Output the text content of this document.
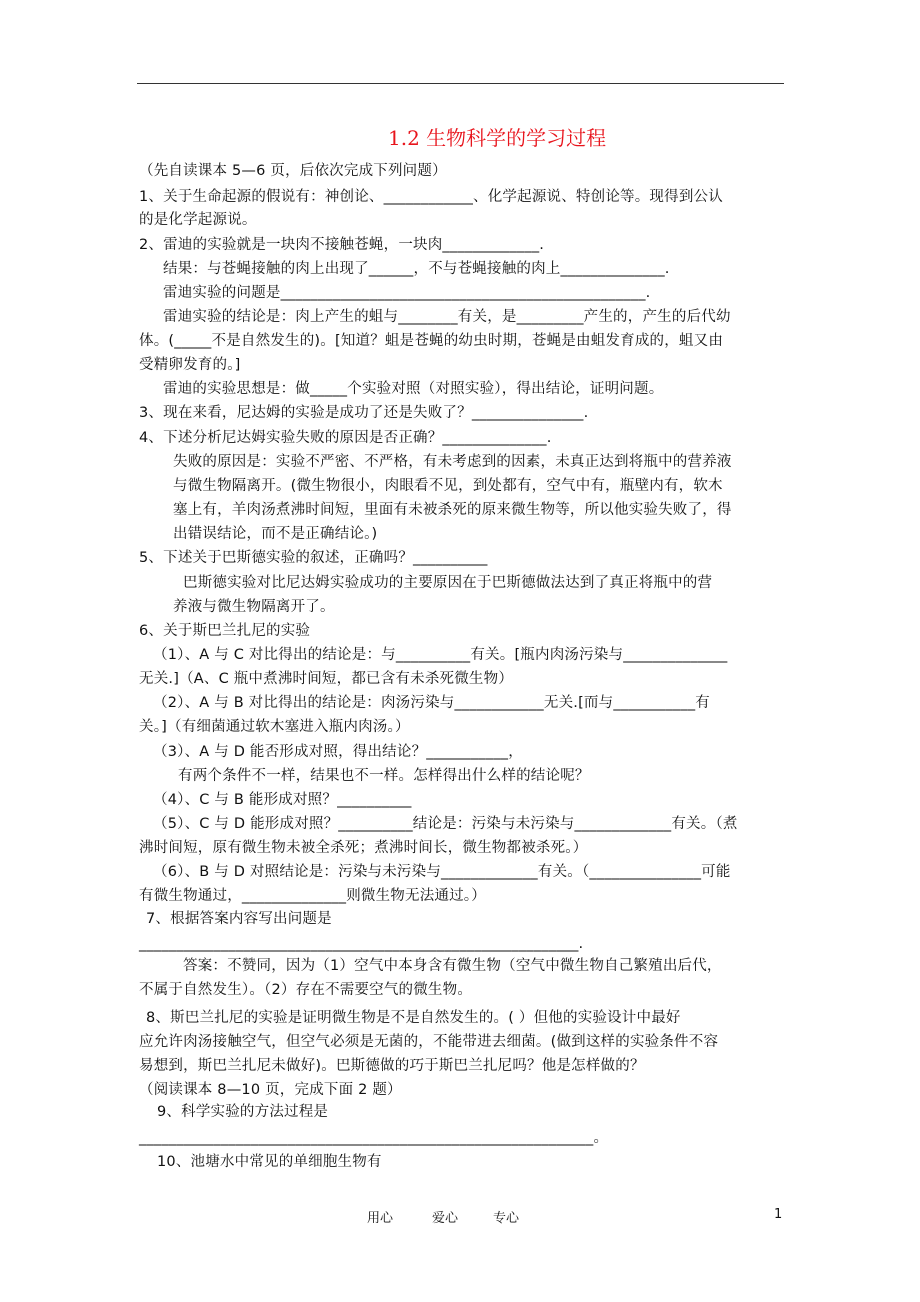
1.2 生物科学的学习过程
（先自读课本 5—6 页，后依次完成下列问题）
1、关于生命起源的假说有：神创论、____________、化学起源说、特创论等。现得到公认
的是化学起源说。
2、雷迪的实验就是一块肉不接触苍蝇，一块肉_____________.
结果：与苍蝇接触的肉上出现了______，不与苍蝇接触的肉上______________.
雷迪实验的问题是_________________________________________________.
雷迪实验的结论是：肉上产生的蛆与________有关，是_________产生的，产生的后代幼
体。(_____不是自然发生的)。[知道？蛆是苍蝇的幼虫时期，苍蝇是由蛆发育成的，蛆又由
受精卵发育的。]
雷迪的实验思想是：做_____个实验对照（对照实验），得出结论，证明问题。
3、现在来看，尼达姆的实验是成功了还是失败了？_______________.
4、下述分析尼达姆实验失败的原因是否正确？______________.
失败的原因是：实验不严密、不严格，有未考虑到的因素，未真正达到将瓶中的营养液
与微生物隔离开。(微生物很小，肉眼看不见，到处都有，空气中有，瓶壁内有，软木
塞上有，羊肉汤煮沸时间短，里面有未被杀死的原来微生物等，所以他实验失败了，得
出错误结论，而不是正确结论。)
5、下述关于巴斯德实验的叙述，正确吗？__________
巴斯德实验对比尼达姆实验成功的主要原因在于巴斯德做法达到了真正将瓶中的营
养液与微生物隔离开了。
6、关于斯巴兰扎尼的实验
（1）、A 与 C 对比得出的结论是：与__________有关。[瓶内肉汤污染与______________
无关.]（A、C 瓶中煮沸时间短，都已含有未杀死微生物）
（2）、A 与 B 对比得出的结论是：肉汤污染与____________无关.[而与___________有
关。]（有细菌通过软木塞进入瓶内肉汤。）
（3）、A 与 D 能否形成对照，得出结论？___________，
有两个条件不一样，结果也不一样。怎样得出什么样的结论呢？
（4）、C 与 B 能形成对照？__________
（5）、C 与 D 能形成对照？__________结论是：污染与未污染与_____________有关。（煮
沸时间短，原有微生物未被全杀死；煮沸时间长，微生物都被杀死。）
（6）、B 与 D 对照结论是：污染与未污染与_____________有关。（_______________可能
有微生物通过，______________则微生物无法通过。）
7、根据答案内容写出问题是
___________________________________________________________.
答案：不赞同，因为（1）空气中本身含有微生物（空气中微生物自己繁殖出后代，
不属于自然发生）。（2）存在不需要空气的微生物。
8、斯巴兰扎尼的实验是证明微生物是不是自然发生的。( ）但他的实验设计中最好
应允许肉汤接触空气，但空气必须是无菌的，不能带进去细菌。(做到这样的实验条件不容
易想到，斯巴兰扎尼未做好)。巴斯德做的巧于斯巴兰扎尼吗？他是怎样做的？
（阅读课本 8—10 页，完成下面 2 题）
9、科学实验的方法过程是
_____________________________________________________________。
10、池塘水中常见的单细胞生物有
用心	爱心	专心	1
